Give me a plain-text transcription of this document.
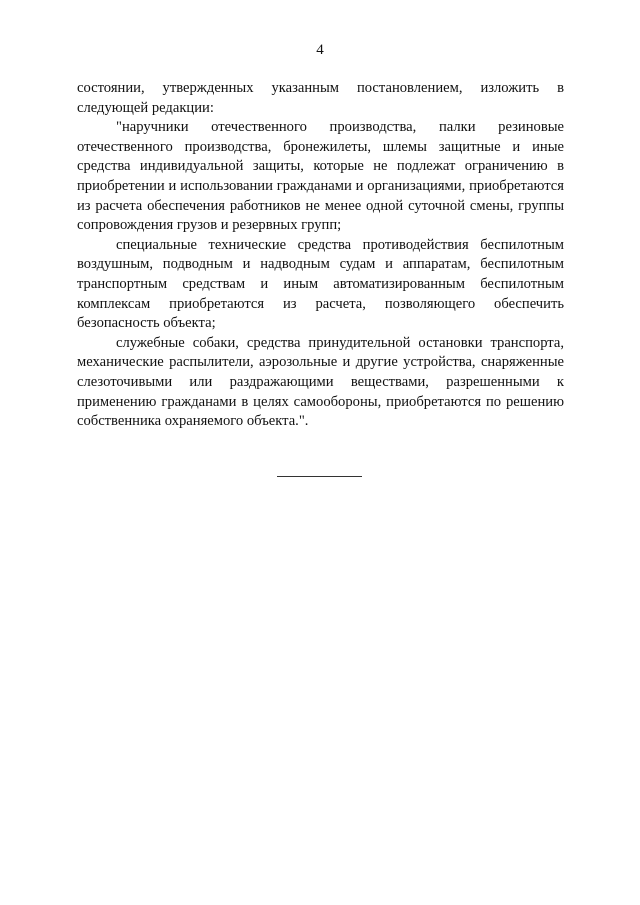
4

состоянии, утвержденных указанным постановлением, изложить в следующей редакции:

"наручники отечественного производства, палки резиновые отечественного производства, бронежилеты, шлемы защитные и иные средства индивидуальной защиты, которые не подлежат ограничению в приобретении и использовании гражданами и организациями, приобретаются из расчета обеспечения работников не менее одной суточной смены, группы сопровождения грузов и резервных групп;

специальные технические средства противодействия беспилотным воздушным, подводным и надводным судам и аппаратам, беспилотным транспортным средствам и иным автоматизированным беспилотным комплексам приобретаются из расчета, позволяющего обеспечить безопасность объекта;

служебные собаки, средства принудительной остановки транспорта, механические распылители, аэрозольные и другие устройства, снаряженные слезоточивыми или раздражающими веществами, разрешенными к применению гражданами в целях самообороны, приобретаются по решению собственника охраняемого объекта.".
